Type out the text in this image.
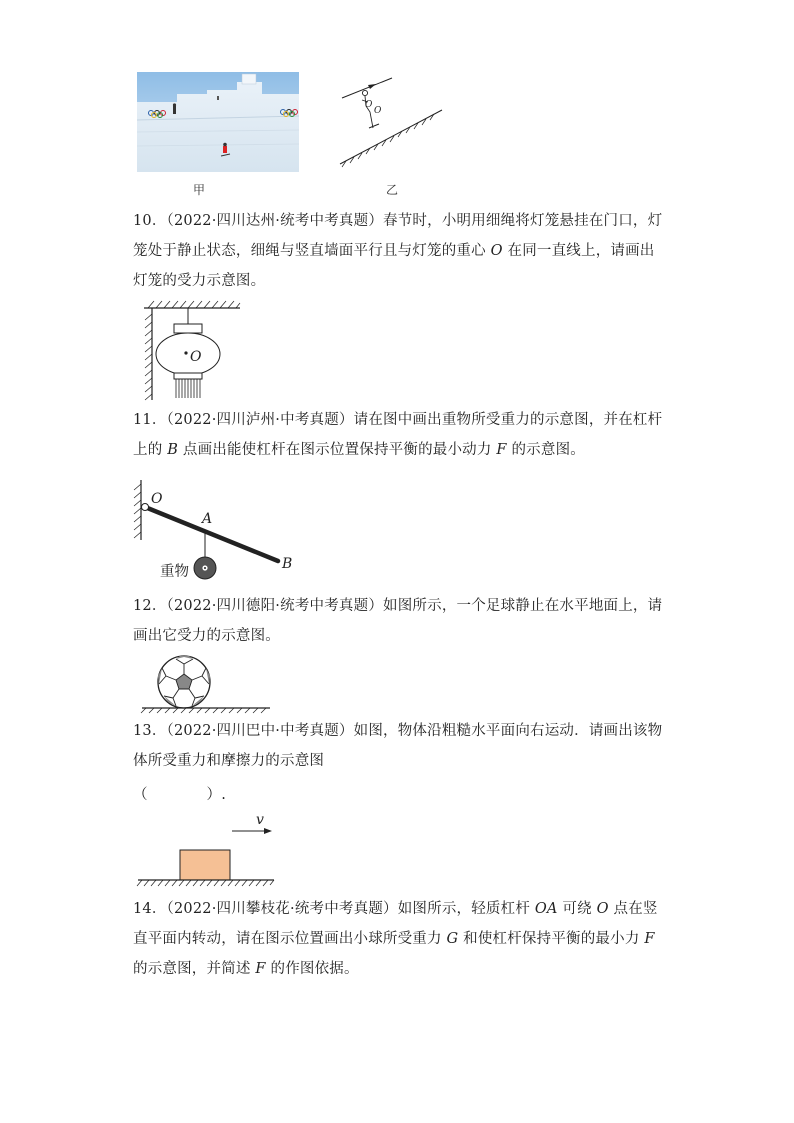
甲
O
O
乙
10．（2022·四川达州·统考中考真题）春节时，小明用细绳将灯笼悬挂在门口，灯笼处于静止状态，细绳与竖直墙面平行且与灯笼的重心 O 在同一直线上，请画出灯笼的受力示意图。
O
11．（2022·四川泸州·中考真题）请在图中画出重物所受重力的示意图，并在杠杆上的 B 点画出能使杠杆在图示位置保持平衡的最小动力 F 的示意图。
O
A
B
重物
12．（2022·四川德阳·统考中考真题）如图所示，一个足球静止在水平地面上，请画出它受力的示意图。
13．（2022·四川巴中·中考真题）如图，物体沿粗糙水平面向右运动．请画出该物体所受重力和摩擦力的示意图
（　　　　）.
v
14．（2022·四川攀枝花·统考中考真题）如图所示，轻质杠杆 OA 可绕 O 点在竖直平面内转动，请在图示位置画出小球所受重力 G 和使杠杆保持平衡的最小力 F 的示意图，并简述 F 的作图依据。
